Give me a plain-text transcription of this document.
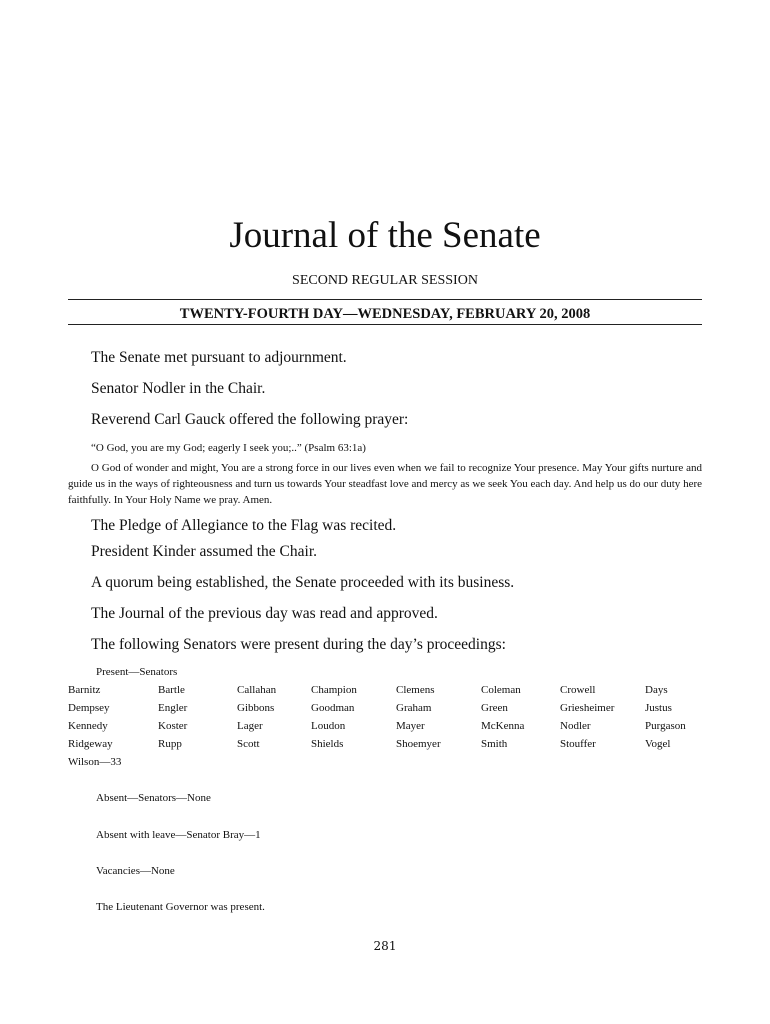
Journal of the Senate
SECOND REGULAR SESSION
TWENTY-FOURTH DAY—WEDNESDAY, FEBRUARY 20, 2008
The Senate met pursuant to adjournment.
Senator Nodler in the Chair.
Reverend Carl Gauck offered the following prayer:
“O God, you are my God; eagerly I seek you;..” (Psalm 63:1a)
O God of wonder and might, You are a strong force in our lives even when we fail to recognize Your presence. May Your gifts nurture and guide us in the ways of righteousness and turn us towards Your steadfast love and mercy as we seek You each day. And help us do our duty here faithfully. In Your Holy Name we pray. Amen.
The Pledge of Allegiance to the Flag was recited.
President Kinder assumed the Chair.
A quorum being established, the Senate proceeded with its business.
The Journal of the previous day was read and approved.
The following Senators were present during the day’s proceedings:
Present—Senators
Barnitz	Bartle	Callahan	Champion	Clemens	Coleman	Crowell	Days
Dempsey	Engler	Gibbons	Goodman	Graham	Green	Griesheimer	Justus
Kennedy	Koster	Lager	Loudon	Mayer	McKenna	Nodler	Purgason
Ridgeway	Rupp	Scott	Shields	Shoemyer	Smith	Stouffer	Vogel
Wilson—33
Absent—Senators—None
Absent with leave—Senator Bray—1
Vacancies—None
The Lieutenant Governor was present.
281
